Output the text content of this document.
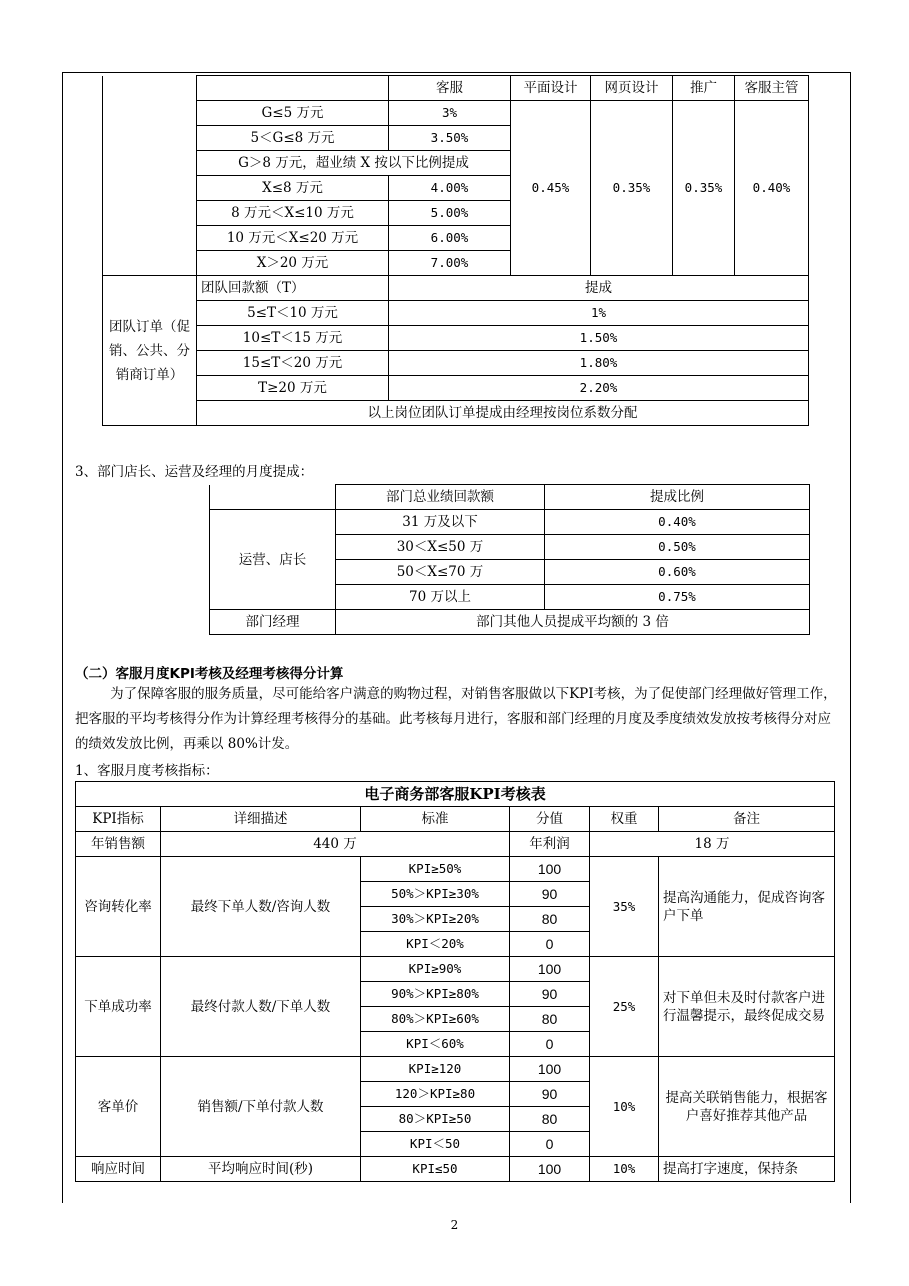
		客服	平面设计	网页设计	推广	客服主管
	G≤5 万元	3%	0.45%	0.35%	0.35%	0.40%
	5＜G≤8 万元	3.50%				
	G＞8 万元，超业绩 X 按以下比例提成					
	X≤8 万元	4.00%				
	8 万元＜X≤10 万元	5.00%				
	10 万元＜X≤20 万元	6.00%				
	X＞20 万元	7.00%				
团队订单（促销、公共、分销商订单）	团队回款额（T）	提成				
	5≤T＜10 万元	1%				
	10≤T＜15 万元	1.50%				
	15≤T＜20 万元	1.80%				
	T≥20 万元	2.20%				
	以上岗位团队订单提成由经理按岗位系数分配					

3、部门店长、运营及经理的月度提成：

	部门总业绩回款额	提成比例
运营、店长	31 万及以下	0.40%
	30＜X≤50 万	0.50%
	50＜X≤70 万	0.60%
	70 万以上	0.75%
部门经理	部门其他人员提成平均额的 3 倍	

（二）客服月度KPI考核及经理考核得分计算

为了保障客服的服务质量，尽可能给客户满意的购物过程，对销售客服做以下KPI考核，为了促使部门经理做好管理工作，把客服的平均考核得分作为计算经理考核得分的基础。此考核每月进行，客服和部门经理的月度及季度绩效发放按考核得分对应的绩效发放比例，再乘以 80%计发。

1、客服月度考核指标：

电子商务部客服KPI考核表					
KPI指标	详细描述	标准	分值	权重	备注
年销售额	440 万		年利润	18 万	
咨询转化率	最终下单人数/咨询人数	KPI≥50%	100	35%	提高沟通能力，促成咨询客户下单
		50%＞KPI≥30%	90		
		30%＞KPI≥20%	80		
		KPI＜20%	0		
下单成功率	最终付款人数/下单人数	KPI≥90%	100	25%	对下单但未及时付款客户进行温馨提示，最终促成交易
		90%＞KPI≥80%	90		
		80%＞KPI≥60%	80		
		KPI＜60%	0		
客单价	销售额/下单付款人数	KPI≥120	100	10%	提高关联销售能力，根据客户喜好推荐其他产品
		120＞KPI≥80	90		
		80＞KPI≥50	80		
		KPI＜50	0		
响应时间	平均响应时间(秒)	KPI≤50	100	10%	提高打字速度，保持条

2
